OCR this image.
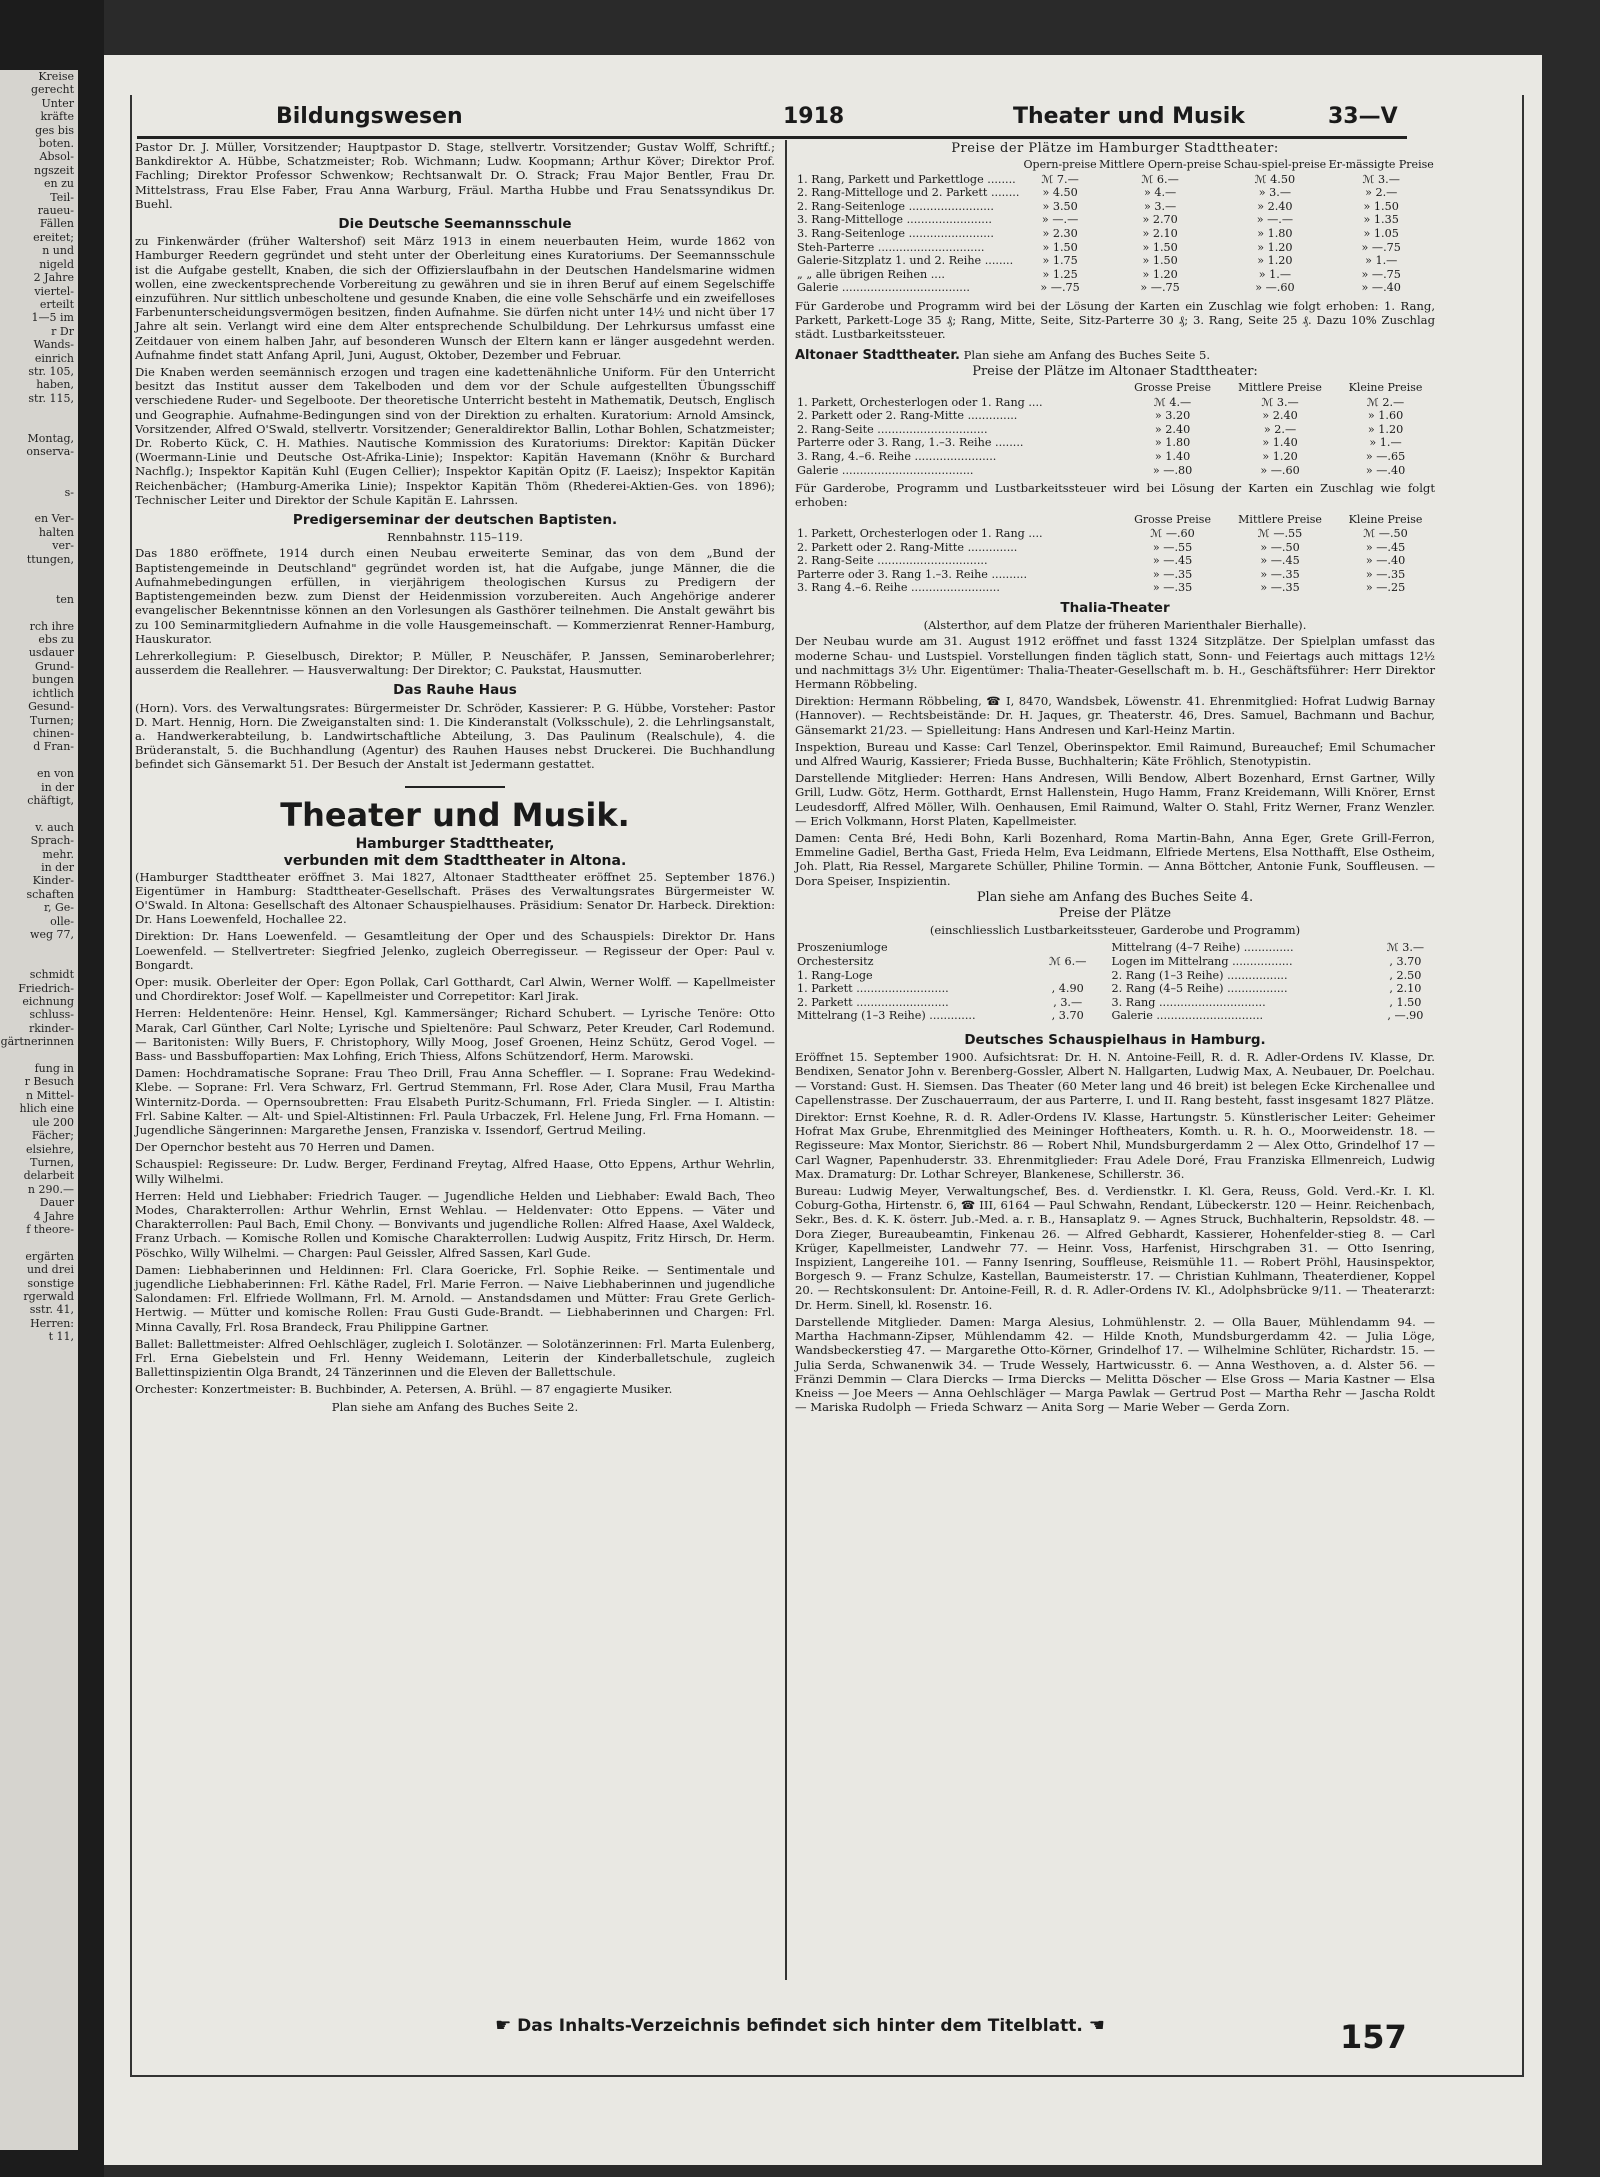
Kreise
gerecht
Unter
kräfte
ges bis
boten.
Absol-
ngszeit
en zu
Teil-
raueu-
Fällen
ereitet;
n und
nigeld
2 Jahre
viertel-
erteilt
1—5 im
r Dr
Wands-
einrich
str. 105,
haben,
str. 115,

Montag,
onserva-

s-

en Ver-
halten
ver-
ttungen,

ten

rch ihre
ebs zu
usdauer
Grund-
bungen
ichtlich
Gesund-
Turnen;
chinen-
d Fran-

en von
in der
chäftigt,

v. auch
Sprach-
mehr.
in der
Kinder-
schaften
r, Ge-
olle-
weg 77,

schmidt
Friedrich-
eichnung
schluss-
rkinder-
gärtnerinnen

fung in
r Besuch
n Mittel-
hlich eine
ule 200
Fächer;
elsiehre,
Turnen,
delarbeit
n 290.—
Dauer
4 Jahre
f theore-

ergärten
und drei
sonstige
rgerwald
sstr. 41,
Herren:
t 11,
Bildungswesen	1918	Theater und Musik	33—V

Pastor Dr. J. Müller, Vorsitzender; Hauptpastor D. Stage, stellvertr. Vorsitzender; Gustav Wolff, Schriftf.; Bankdirektor A. Hübbe, Schatzmeister; Rob. Wichmann; Ludw. Koopmann; Arthur Köver; Direktor Prof. Fachling; Direktor Professor Schwenkow; Rechtsanwalt Dr. O. Strack; Frau Major Bentler, Frau Dr. Mittelstrass, Frau Else Faber, Frau Anna Warburg, Fräul. Martha Hubbe und Frau Senatssyndikus Dr. Buehl.

Die Deutsche Seemannsschule

zu Finkenwärder (früher Waltershof) seit März 1913 in einem neuerbauten Heim, wurde 1862 von Hamburger Reedern gegründet und steht unter der Oberleitung eines Kuratoriums. Der Seemannsschule ist die Aufgabe gestellt, Knaben, die sich der Offizierslaufbahn in der Deutschen Handelsmarine widmen wollen, eine zweckentsprechende Vorbereitung zu gewähren und sie in ihren Beruf auf einem Segelschiffe einzuführen. Nur sittlich unbescholtene und gesunde Knaben, die eine volle Sehschärfe und ein zweifelloses Farbenunterscheidungsvermögen besitzen, finden Aufnahme. Sie dürfen nicht unter 14½ und nicht über 17 Jahre alt sein. Verlangt wird eine dem Alter entsprechende Schulbildung. Der Lehrkursus umfasst eine Zeitdauer von einem halben Jahr, auf besonderen Wunsch der Eltern kann er länger ausgedehnt werden. Aufnahme findet statt Anfang April, Juni, August, Oktober, Dezember und Februar.

Die Knaben werden seemännisch erzogen und tragen eine kadettenähnliche Uniform. Für den Unterricht besitzt das Institut ausser dem Takelboden und dem vor der Schule aufgestellten Übungsschiff verschiedene Ruder- und Segelboote. Der theoretische Unterricht besteht in Mathematik, Deutsch, Englisch und Geographie. Aufnahme-Bedingungen sind von der Direktion zu erhalten. Kuratorium: Arnold Amsinck, Vorsitzender, Alfred O'Swald, stellvertr. Vorsitzender; Generaldirektor Ballin, Lothar Bohlen, Schatzmeister; Dr. Roberto Kück, C. H. Mathies. Nautische Kommission des Kuratoriums: Direktor: Kapitän Dücker (Woermann-Linie und Deutsche Ost-Afrika-Linie); Inspektor: Kapitän Havemann (Knöhr & Burchard Nachflg.); Inspektor Kapitän Kuhl (Eugen Cellier); Inspektor Kapitän Opitz (F. Laeisz); Inspektor Kapitän Reichenbächer; (Hamburg-Amerika Linie); Inspektor Kapitän Thöm (Rhederei-Aktien-Ges. von 1896); Technischer Leiter und Direktor der Schule Kapitän E. Lahrssen.

Predigerseminar der deutschen Baptisten.
Rennbahnstr. 115–119.

Das 1880 eröffnete, 1914 durch einen Neubau erweiterte Seminar, das von dem „Bund der Baptistengemeinde in Deutschland" gegründet worden ist, hat die Aufgabe, junge Männer, die die Aufnahmebedingungen erfüllen, in vierjährigem theologischen Kursus zu Predigern der Baptistengemeinden bezw. zum Dienst der Heidenmission vorzubereiten. Auch Angehörige anderer evangelischer Bekenntnisse können an den Vorlesungen als Gasthörer teilnehmen. Die Anstalt gewährt bis zu 100 Seminarmitgliedern Aufnahme in die volle Hausgemeinschaft. — Kommerzienrat Renner-Hamburg, Hauskurator.

Lehrerkollegium: P. Gieselbusch, Direktor; P. Müller, P. Neuschäfer, P. Janssen, Seminaroberlehrer; ausserdem die Reallehrer. — Hausverwaltung: Der Direktor; C. Paukstat, Hausmutter.

Das Rauhe Haus

(Horn). Vors. des Verwaltungsrates: Bürgermeister Dr. Schröder, Kassierer: P. G. Hübbe, Vorsteher: Pastor D. Mart. Hennig, Horn. Die Zweiganstalten sind: 1. Die Kinderanstalt (Volksschule), 2. die Lehrlingsanstalt, a. Handwerkerabteilung, b. Landwirtschaftliche Abteilung, 3. Das Paulinum (Realschule), 4. die Brüderanstalt, 5. die Buchhandlung (Agentur) des Rauhen Hauses nebst Druckerei. Die Buchhandlung befindet sich Gänsemarkt 51. Der Besuch der Anstalt ist Jedermann gestattet.

Theater und Musik.
Hamburger Stadttheater,
verbunden mit dem Stadttheater in Altona.

(Hamburger Stadttheater eröffnet 3. Mai 1827, Altonaer Stadttheater eröffnet 25. September 1876.) Eigentümer in Hamburg: Stadttheater-Gesellschaft. Präses des Verwaltungsrates Bürgermeister W. O'Swald. In Altona: Gesellschaft des Altonaer Schauspielhauses. Präsidium: Senator Dr. Harbeck. Direktion: Dr. Hans Loewenfeld, Hochallee 22.

Direktion: Dr. Hans Loewenfeld. — Gesamtleitung der Oper und des Schauspiels: Direktor Dr. Hans Loewenfeld. — Stellvertreter: Siegfried Jelenko, zugleich Oberregisseur. — Regisseur der Oper: Paul v. Bongardt.

Oper: musik. Oberleiter der Oper: Egon Pollak, Carl Gotthardt, Carl Alwin, Werner Wolff. — Kapellmeister und Chordirektor: Josef Wolf. — Kapellmeister und Correpetitor: Karl Jirak.

Herren: Heldentenöre: Heinr. Hensel, Kgl. Kammersänger; Richard Schubert. — Lyrische Tenöre: Otto Marak, Carl Günther, Carl Nolte; Lyrische und Spieltenöre: Paul Schwarz, Peter Kreuder, Carl Rodemund. — Baritonisten: Willy Buers, F. Christophory, Willy Moog, Josef Groenen, Heinz Schütz, Gerod Vogel. — Bass- und Bassbuffopartien: Max Lohfing, Erich Thiess, Alfons Schützendorf, Herm. Marowski.

Damen: Hochdramatische Soprane: Frau Theo Drill, Frau Anna Scheffler. — I. Soprane: Frau Wedekind-Klebe. — Soprane: Frl. Vera Schwarz, Frl. Gertrud Stemmann, Frl. Rose Ader, Clara Musil, Frau Martha Winternitz-Dorda. — Opernsoubretten: Frau Elsabeth Puritz-Schumann, Frl. Frieda Singler. — I. Altistin: Frl. Sabine Kalter. — Alt- und Spiel-Altistinnen: Frl. Paula Urbaczek, Frl. Helene Jung, Frl. Frna Homann. — Jugendliche Sängerinnen: Margarethe Jensen, Franziska v. Issendorf, Gertrud Meiling.

Der Opernchor besteht aus 70 Herren und Damen.

Schauspiel: Regisseure: Dr. Ludw. Berger, Ferdinand Freytag, Alfred Haase, Otto Eppens, Arthur Wehrlin, Willy Wilhelmi.

Herren: Held und Liebhaber: Friedrich Tauger. — Jugendliche Helden und Liebhaber: Ewald Bach, Theo Modes, Charakterrollen: Arthur Wehrlin, Ernst Wehlau. — Heldenvater: Otto Eppens. — Väter und Charakterrollen: Paul Bach, Emil Chony. — Bonvivants und jugendliche Rollen: Alfred Haase, Axel Waldeck, Franz Urbach. — Komische Rollen und Komische Charakterrollen: Ludwig Auspitz, Fritz Hirsch, Dr. Herm. Pöschko, Willy Wilhelmi. — Chargen: Paul Geissler, Alfred Sassen, Karl Gude.

Damen: Liebhaberinnen und Heldinnen: Frl. Clara Goericke, Frl. Sophie Reike. — Sentimentale und jugendliche Liebhaberinnen: Frl. Käthe Radel, Frl. Marie Ferron. — Naive Liebhaberinnen und jugendliche Salondamen: Frl. Elfriede Wollmann, Frl. M. Arnold. — Anstandsdamen und Mütter: Frau Grete Gerlich-Hertwig. — Mütter und komische Rollen: Frau Gusti Gude-Brandt. — Liebhaberinnen und Chargen: Frl. Minna Cavally, Frl. Rosa Brandeck, Frau Philippine Gartner.

Ballet: Ballettmeister: Alfred Oehlschläger, zugleich I. Solotänzer. — Solotänzerinnen: Frl. Marta Eulenberg, Frl. Erna Giebelstein und Frl. Henny Weidemann, Leiterin der Kinderballetschule, zugleich Ballettinspizientin Olga Brandt, 24 Tänzerinnen und die Eleven der Ballettschule.

Orchester: Konzertmeister: B. Buchbinder, A. Petersen, A. Brühl. — 87 engagierte Musiker.

Plan siehe am Anfang des Buches Seite 2.
Preise der Plätze im Hamburger Stadttheater:
	Opern-preise	Mittlere Opern-preise	Schau-spiel-preise	Er-mässigte Preise
1. Rang, Parkett und Parkettloge ........	ℳ 7.—	ℳ 6.—	ℳ 4.50	ℳ 3.—
2. Rang-Mittelloge und 2. Parkett ........	» 4.50	» 4.—	» 3.—	» 2.—
2. Rang-Seitenloge ........................	» 3.50	» 3.—	» 2.40	» 1.50
3. Rang-Mittelloge ........................	» —.—	» 2.70	» —.—	» 1.35
3. Rang-Seitenloge ........................	» 2.30	» 2.10	» 1.80	» 1.05
Steh-Parterre ..............................	» 1.50	» 1.50	» 1.20	» —.75
Galerie-Sitzplatz 1. und 2. Reihe ........	» 1.75	» 1.50	» 1.20	» 1.—
„ „ alle übrigen Reihen ....	» 1.25	» 1.20	» 1.—	» —.75
Galerie ....................................	» —.75	» —.75	» —.60	» —.40

Für Garderobe und Programm wird bei der Lösung der Karten ein Zuschlag wie folgt erhoben: 1. Rang, Parkett, Parkett-Loge 35 ₰; Rang, Mitte, Seite, Sitz-Parterre 30 ₰; 3. Rang, Seite 25 ₰. Dazu 10% Zuschlag städt. Lustbarkeitssteuer.

Altonaer Stadttheater. Plan siehe am Anfang des Buches Seite 5.
Preise der Plätze im Altonaer Stadttheater:
	Grosse Preise	Mittlere Preise	Kleine Preise
1. Parkett, Orchesterlogen oder 1. Rang ....	ℳ 4.—	ℳ 3.—	ℳ 2.—
2. Parkett oder 2. Rang-Mitte ..............	» 3.20	» 2.40	» 1.60
2. Rang-Seite ...............................	» 2.40	» 2.—	» 1.20
Parterre oder 3. Rang, 1.–3. Reihe ........	» 1.80	» 1.40	» 1.—
3. Rang, 4.–6. Reihe .......................	» 1.40	» 1.20	» —.65
Galerie .....................................	» —.80	» —.60	» —.40

Für Garderobe, Programm und Lustbarkeitssteuer wird bei Lösung der Karten ein Zuschlag wie folgt erhoben:

	Grosse Preise	Mittlere Preise	Kleine Preise
1. Parkett, Orchesterlogen oder 1. Rang ....	ℳ —.60	ℳ —.55	ℳ —.50
2. Parkett oder 2. Rang-Mitte ..............	» —.55	» —.50	» —.45
2. Rang-Seite ...............................	» —.45	» —.45	» —.40
Parterre oder 3. Rang 1.–3. Reihe ..........	» —.35	» —.35	» —.35
3. Rang 4.–6. Reihe .........................	» —.35	» —.35	» —.25
Thalia-Theater
(Alsterthor, auf dem Platze der früheren Marienthaler Bierhalle).

Der Neubau wurde am 31. August 1912 eröffnet und fasst 1324 Sitzplätze. Der Spielplan umfasst das moderne Schau- und Lustspiel. Vorstellungen finden täglich statt, Sonn- und Feiertags auch mittags 12½ und nachmittags 3½ Uhr. Eigentümer: Thalia-Theater-Gesellschaft m. b. H., Geschäftsführer: Herr Direktor Hermann Röbbeling.

Direktion: Hermann Röbbeling, ☎ I, 8470, Wandsbek, Löwenstr. 41. Ehrenmitglied: Hofrat Ludwig Barnay (Hannover). — Rechtsbeistände: Dr. H. Jaques, gr. Theaterstr. 46, Dres. Samuel, Bachmann und Bachur, Gänsemarkt 21/23. — Spielleitung: Hans Andresen und Karl-Heinz Martin.

Inspektion, Bureau und Kasse: Carl Tenzel, Oberinspektor. Emil Raimund, Bureauchef; Emil Schumacher und Alfred Waurig, Kassierer; Frieda Busse, Buchhalterin; Käte Fröhlich, Stenotypistin.

Darstellende Mitglieder: Herren: Hans Andresen, Willi Bendow, Albert Bozenhard, Ernst Gartner, Willy Grill, Ludw. Götz, Herm. Gotthardt, Ernst Hallenstein, Hugo Hamm, Franz Kreidemann, Willi Knörer, Ernst Leudesdorff, Alfred Möller, Wilh. Oenhausen, Emil Raimund, Walter O. Stahl, Fritz Werner, Franz Wenzler. — Erich Volkmann, Horst Platen, Kapellmeister.

Damen: Centa Bré, Hedi Bohn, Karli Bozenhard, Roma Martin-Bahn, Anna Eger, Grete Grill-Ferron, Emmeline Gadiel, Bertha Gast, Frieda Helm, Eva Leidmann, Elfriede Mertens, Elsa Notthafft, Else Ostheim, Joh. Platt, Ria Ressel, Margarete Schüller, Philine Tormin. — Anna Böttcher, Antonie Funk, Souffleusen. — Dora Speiser, Inspizientin.

Plan siehe am Anfang des Buches Seite 4.
Preise der Plätze
(einschliesslich Lustbarkeitssteuer, Garderobe und Programm)
Proszeniumloge	
Orchestersitz	ℳ 6.—
1. Rang-Loge	
1. Parkett ..........................	, 4.90
2. Parkett ..........................	, 3.—
Mittelrang (1–3 Reihe) .............	, 3.70
Mittelrang (4–7 Reihe) ..............	ℳ 3.—
Logen im Mittelrang .................	, 3.70
2. Rang (1–3 Reihe) .................	, 2.50
2. Rang (4–5 Reihe) .................	, 2.10
3. Rang ..............................	, 1.50
Galerie ..............................	, —.90
Deutsches Schauspielhaus in Hamburg.

Eröffnet 15. September 1900. Aufsichtsrat: Dr. H. N. Antoine-Feill, R. d. R. Adler-Ordens IV. Klasse, Dr. Bendixen, Senator John v. Berenberg-Gossler, Albert N. Hallgarten, Ludwig Max, A. Neubauer, Dr. Poelchau. — Vorstand: Gust. H. Siemsen. Das Theater (60 Meter lang und 46 breit) ist belegen Ecke Kirchenallee und Capellenstrasse. Der Zuschauerraum, der aus Parterre, I. und II. Rang besteht, fasst insgesamt 1827 Plätze.

Direktor: Ernst Koehne, R. d. R. Adler-Ordens IV. Klasse, Hartungstr. 5. Künstlerischer Leiter: Geheimer Hofrat Max Grube, Ehrenmitglied des Meininger Hoftheaters, Komth. u. R. h. O., Moorweidenstr. 18. — Regisseure: Max Montor, Sierichstr. 86 — Robert Nhil, Mundsburgerdamm 2 — Alex Otto, Grindelhof 17 — Carl Wagner, Papenhuderstr. 33. Ehrenmitglieder: Frau Adele Doré, Frau Franziska Ellmenreich, Ludwig Max. Dramaturg: Dr. Lothar Schreyer, Blankenese, Schillerstr. 36.

Bureau: Ludwig Meyer, Verwaltungschef, Bes. d. Verdienstkr. I. Kl. Gera, Reuss, Gold. Verd.-Kr. I. Kl. Coburg-Gotha, Hirtenstr. 6, ☎ III, 6164 — Paul Schwahn, Rendant, Lübeckerstr. 120 — Heinr. Reichenbach, Sekr., Bes. d. K. K. österr. Jub.-Med. a. r. B., Hansaplatz 9. — Agnes Struck, Buchhalterin, Repsoldstr. 48. — Dora Zieger, Bureaubeamtin, Finkenau 26. — Alfred Gebhardt, Kassierer, Hohenfelder-stieg 8. — Carl Krüger, Kapellmeister, Landwehr 77. — Heinr. Voss, Harfenist, Hirschgraben 31. — Otto Isenring, Inspizient, Langereihe 101. — Fanny Isenring, Souffleuse, Reismühle 11. — Robert Pröhl, Hausinspektor, Borgesch 9. — Franz Schulze, Kastellan, Baumeisterstr. 17. — Christian Kuhlmann, Theaterdiener, Koppel 20. — Rechtskonsulent: Dr. Antoine-Feill, R. d. R. Adler-Ordens IV. Kl., Adolphsbrücke 9/11. — Theaterarzt: Dr. Herm. Sinell, kl. Rosenstr. 16.

Darstellende Mitglieder. Damen: Marga Alesius, Lohmühlenstr. 2. — Olla Bauer, Mühlendamm 94. — Martha Hachmann-Zipser, Mühlendamm 42. — Hilde Knoth, Mundsburgerdamm 42. — Julia Löge, Wandsbeckerstieg 47. — Margarethe Otto-Körner, Grindelhof 17. — Wilhelmine Schlüter, Richardstr. 15. — Julia Serda, Schwanenwik 34. — Trude Wessely, Hartwicusstr. 6. — Anna Westhoven, a. d. Alster 56. — Fränzi Demmin — Clara Diercks — Irma Diercks — Melitta Döscher — Else Gross — Maria Kastner — Elsa Kneiss — Joe Meers — Anna Oehlschläger — Marga Pawlak — Gertrud Post — Martha Rehr — Jascha Roldt — Mariska Rudolph — Frieda Schwarz — Anita Sorg — Marie Weber — Gerda Zorn.

☛ Das Inhalts-Verzeichnis befindet sich hinter dem Titelblatt. ☚	157
